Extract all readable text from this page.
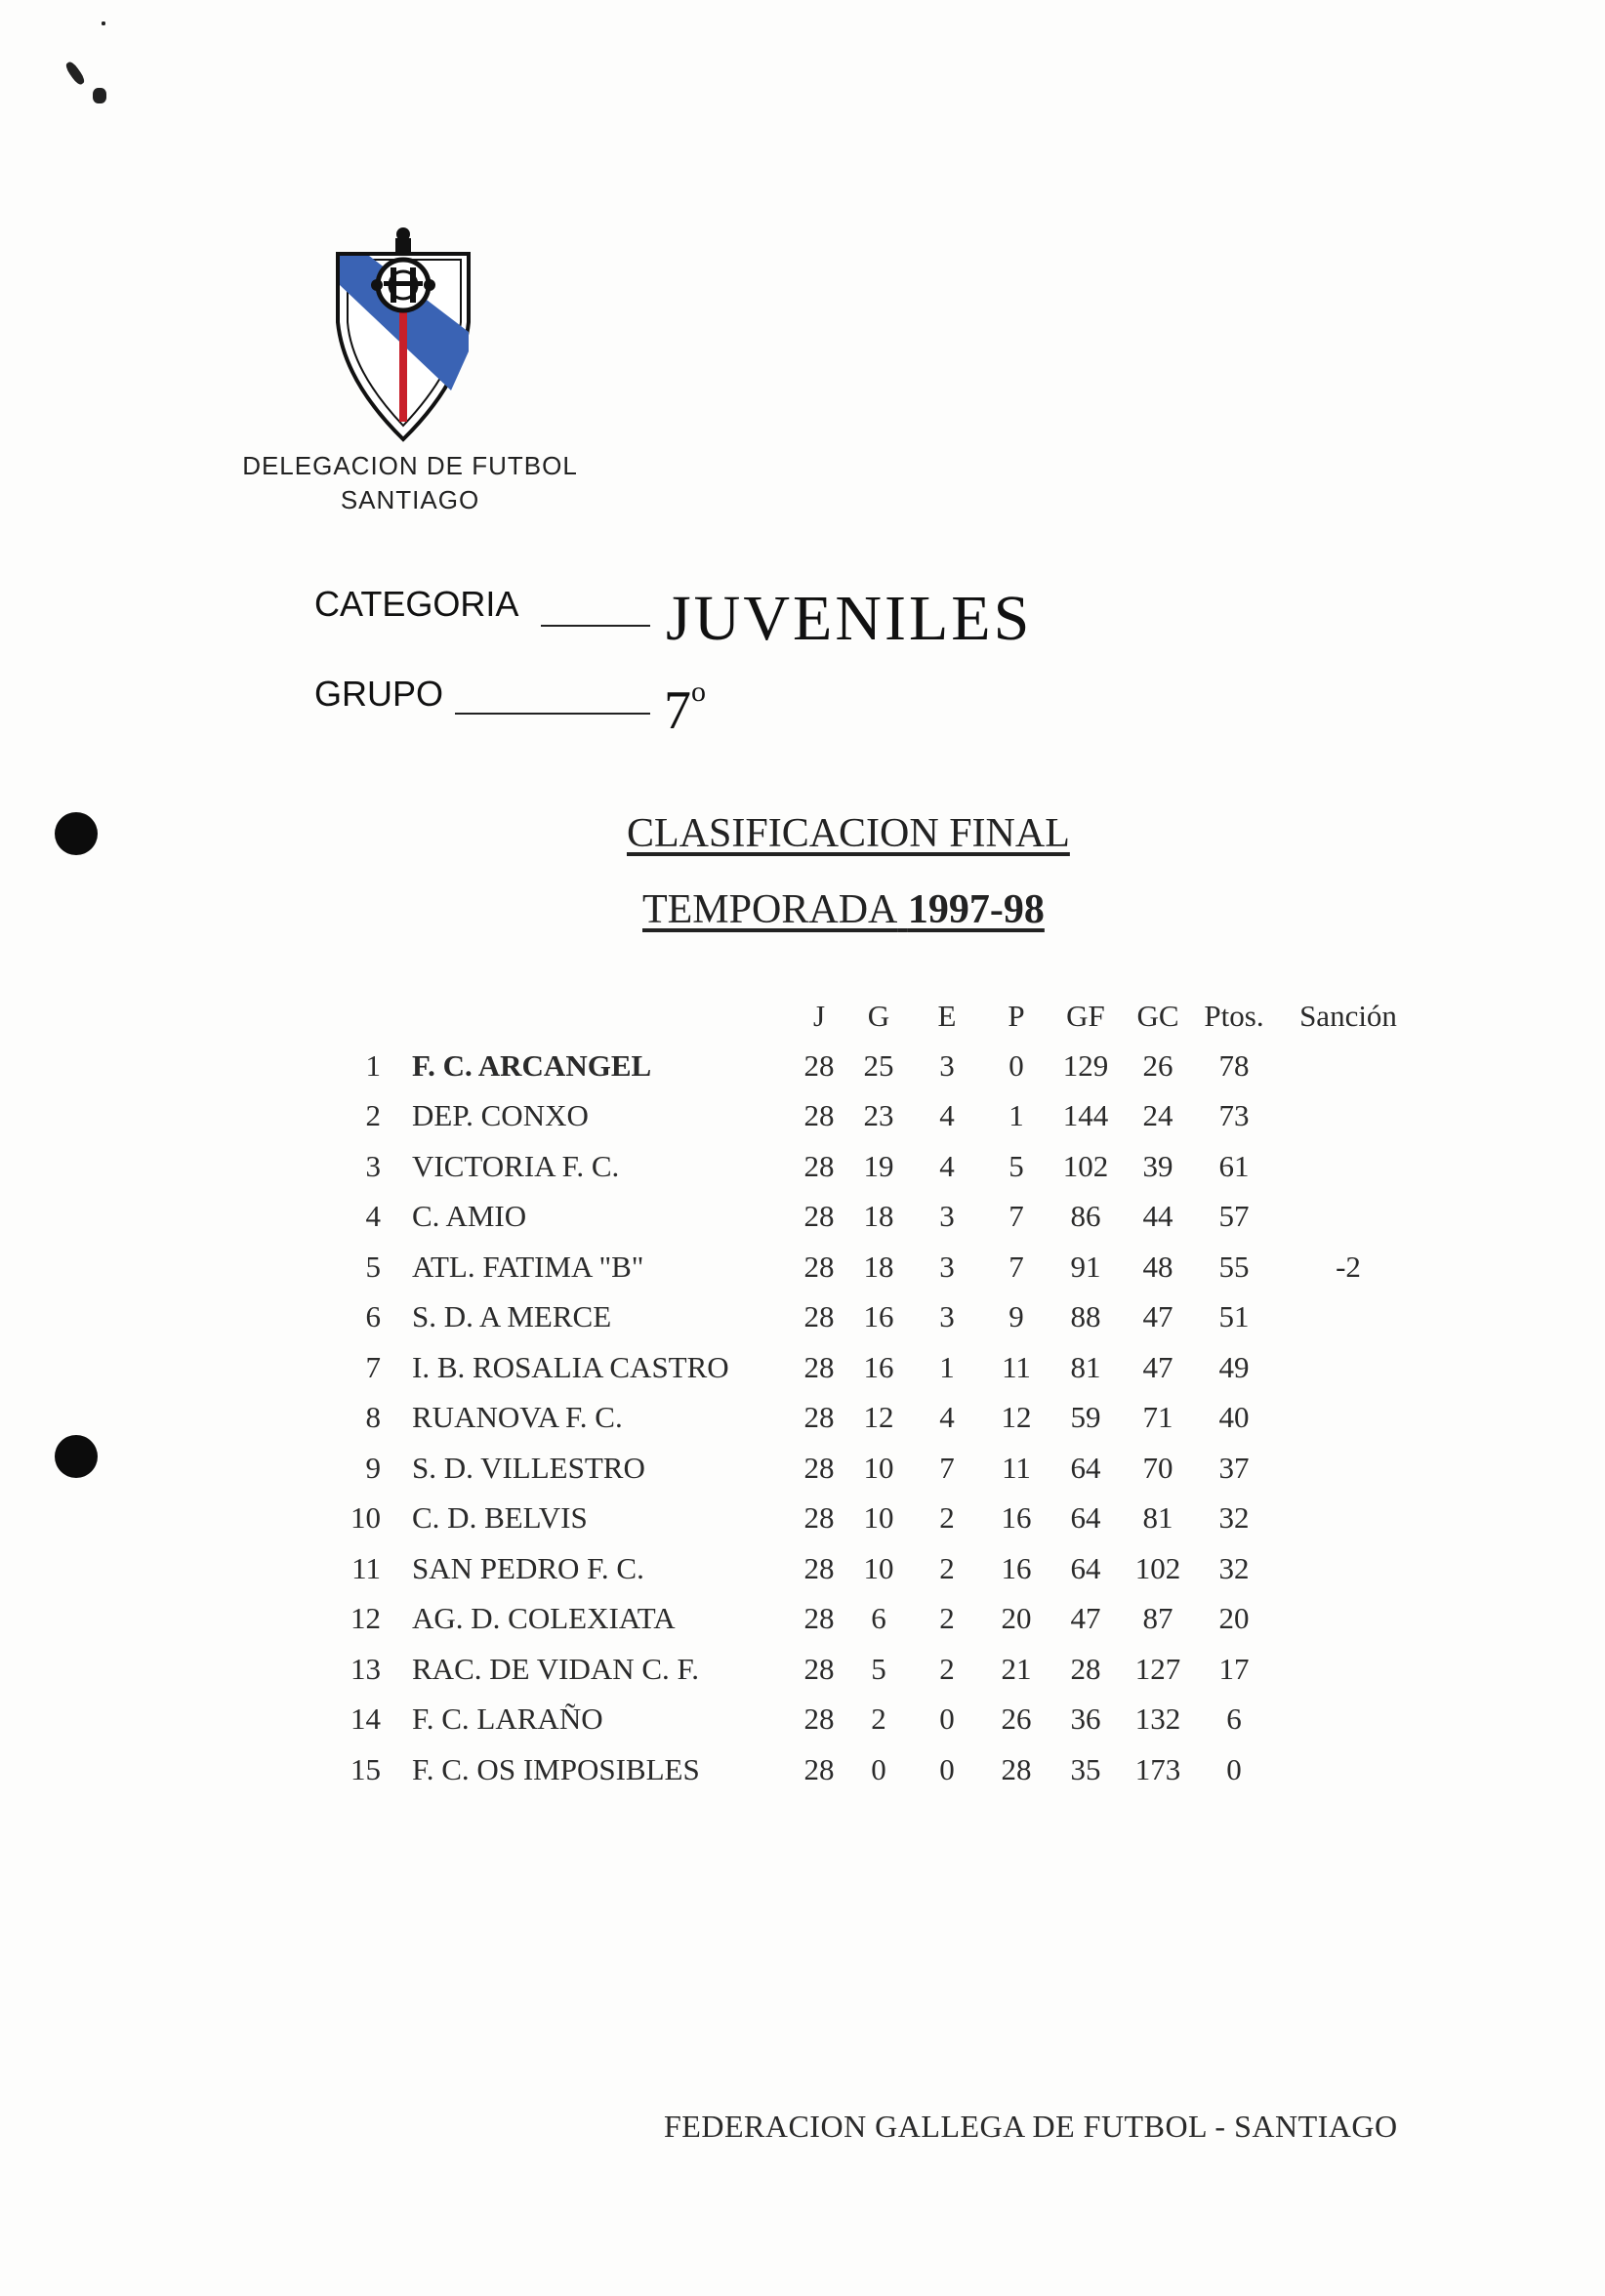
DELEGACION DE FUTBOL
SANTIAGO
CATEGORIA JUVENILES
GRUPO	7$^o$
CLASIFICACION FINAL
TEMPORADA 1997-98
		J	G	E	P	GF	GC	Ptos.	Sanción
1	F. C. ARCANGEL	28	25	3	0	129	26	78	
2	DEP. CONXO	28	23	4	1	144	24	73	
3	VICTORIA F. C.	28	19	4	5	102	39	61	
4	C. AMIO	28	18	3	7	86	44	57	
5	ATL. FATIMA "B"	28	18	3	7	91	48	55	-2
6	S. D. A MERCE	28	16	3	9	88	47	51	
7	I. B. ROSALIA CASTRO	28	16	1	11	81	47	49	
8	RUANOVA F. C.	28	12	4	12	59	71	40	
9	S. D. VILLESTRO	28	10	7	11	64	70	37	
10	C. D. BELVIS	28	10	2	16	64	81	32	
11	SAN PEDRO F. C.	28	10	2	16	64	102	32	
12	AG. D. COLEXIATA	28	6	2	20	47	87	20	
13	RAC. DE VIDAN C. F.	28	5	2	21	28	127	17	
14	F. C. LARAÑO	28	2	0	26	36	132	6	
15	F. C. OS IMPOSIBLES	28	0	0	28	35	173	0	
FEDERACION GALLEGA DE FUTBOL - SANTIAGO
